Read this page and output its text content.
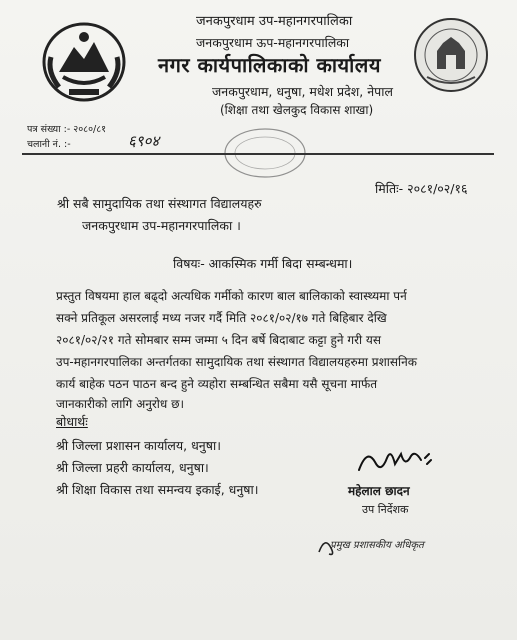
जनकपुरधाम उप-महानगरपालिका
जनकपुरधाम ऊप-महानगरपालिका
नगर कार्यपालिकाको कार्यालय
जनकपुरधाम, धनुषा, मधेश प्रदेश, नेपाल
(शिक्षा तथा खेलकुद विकास शाखा)
पत्र संख्या :- २०८०/८१
चलानी नं. :-	६९०४
मितिः- २०८१/०२/१६
श्री सबै सामुदायिक तथा संस्थागत विद्यालयहरु
जनकपुरधाम उप-महानगरपालिका ।
विषयः- आकस्मिक गर्मी बिदा सम्बन्धमा।
प्रस्तुत विषयमा हाल बढ्दो अत्यधिक गर्मीको कारण बाल बालिकाको स्वास्थ्यमा पर्न
सक्ने प्रतिकूल असरलाई मध्य नजर गर्दै मिति २०८१/०२/१७ गते बिहिबार देखि
२०८१/०२/२१ गते सोमबार सम्म जम्मा ५ दिन बर्षे बिदाबाट कट्टा हुने गरी यस
उप-महानगरपालिका अन्तर्गतका सामुदायिक तथा संस्थागत विद्यालयहरुमा प्रशासनिक
कार्य बाहेक पठन पाठन बन्द हुने व्यहोरा सम्बन्धित सबैमा यसै सूचना मार्फत
जानकारीको लागि अनुरोध छ।
बोधार्थः
श्री जिल्ला प्रशासन कार्यालय, धनुषा।
श्री जिल्ला प्रहरी कार्यालय, धनुषा।
श्री शिक्षा विकास तथा समन्वय इकाई, धनुषा।	महेलाल छादन
उप निर्देशक
प्रमुख प्रशासकीय अधिकृत
